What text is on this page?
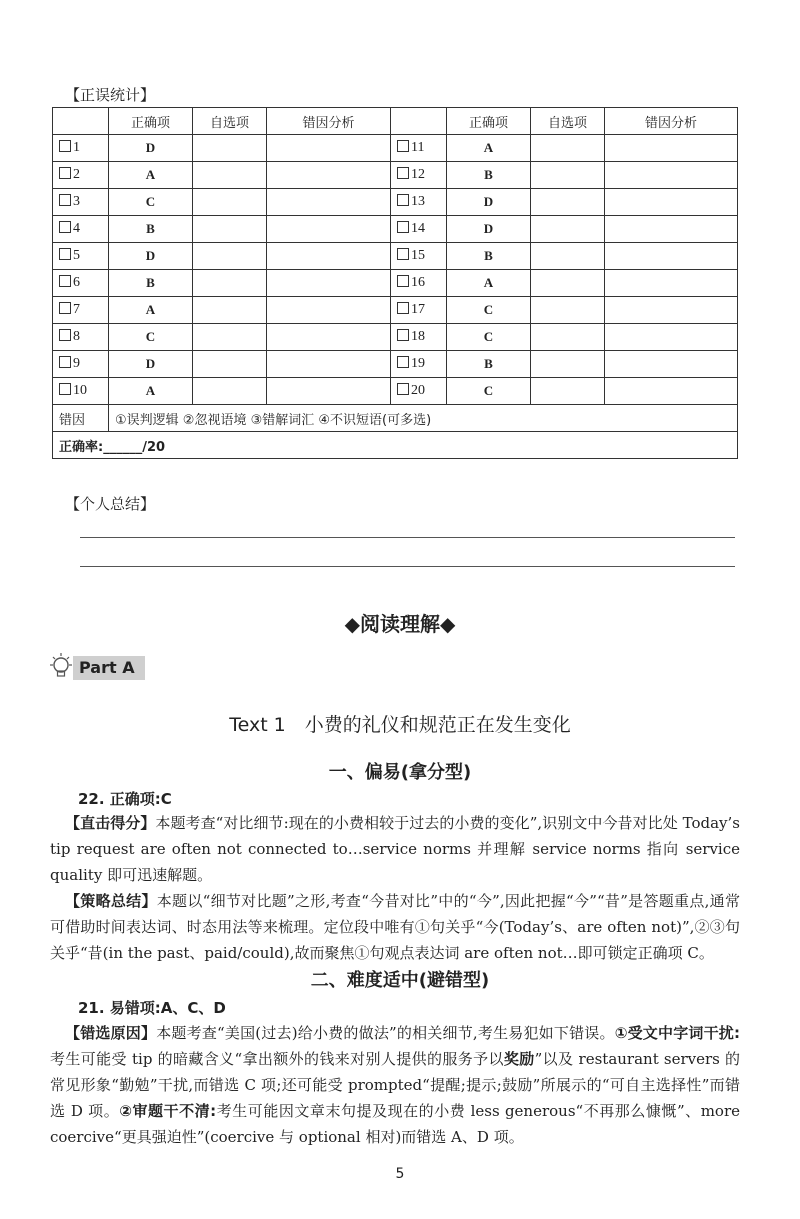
【正误统计】
	正确项	自选项	错因分析		正确项	自选项	错因分析
1	D			11	A		
2	A			12	B		
3	C			13	D		
4	B			14	D		
5	D			15	B		
6	B			16	A		
7	A			17	C		
8	C			18	C		
9	D			19	B		
10	A			20	C		
错因	①误判逻辑 ②忽视语境 ③错解词汇 ④不识短语(可多选)						
正确率:______/20							
【个人总结】
◆阅读理解◆
Part A
Text 1　小费的礼仪和规范正在发生变化
一、偏易(拿分型)
22. 正确项:C
【直击得分】本题考查“对比细节:现在的小费相较于过去的小费的变化”,识别文中今昔对比处 Today’s tip request are often not connected to…service norms 并理解 service norms 指向 service quality 即可迅速解题。
【策略总结】本题以“细节对比题”之形,考查“今昔对比”中的“今”,因此把握“今”“昔”是答题重点,通常可借助时间表达词、时态用法等来梳理。定位段中唯有①句关乎“今(Today’s、are often not)”,②③句关乎“昔(in the past、paid/could),故而聚焦①句观点表达词 are often not…即可锁定正确项 C。
二、难度适中(避错型)
21. 易错项:A、C、D
【错选原因】本题考查“美国(过去)给小费的做法”的相关细节,考生易犯如下错误。①受文中字词干扰:考生可能受 tip 的暗藏含义“拿出额外的钱来对别人提供的服务予以奖励”以及 restaurant servers 的常见形象“勤勉”干扰,而错选 C 项;还可能受 prompted“提醒;提示;鼓励”所展示的“可自主选择性”而错选 D 项。②审题干不清:考生可能因文章末句提及现在的小费 less generous“不再那么慷慨”、more coercive“更具强迫性”(coercive 与 optional 相对)而错选 A、D 项。
5
